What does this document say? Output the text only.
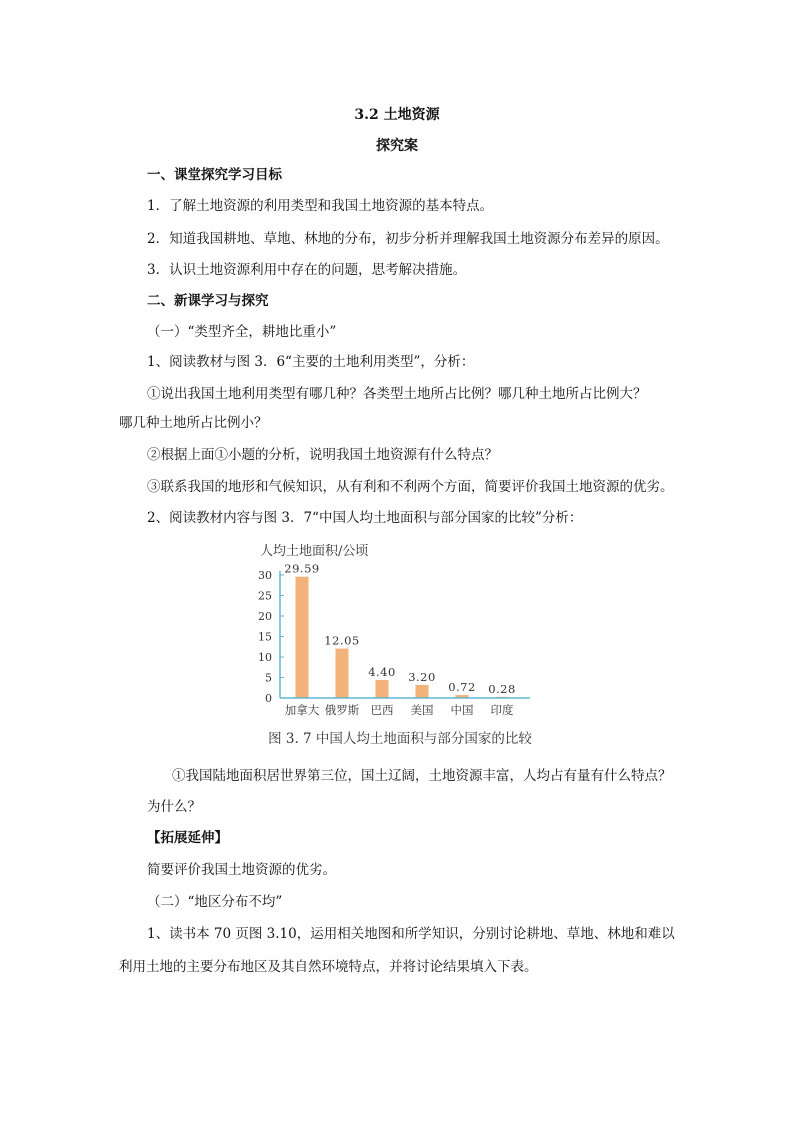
3.2 土地资源
探究案
一、课堂探究学习目标
1．了解土地资源的利用类型和我国土地资源的基本特点。
2．知道我国耕地、草地、林地的分布，初步分析并理解我国土地资源分布差异的原因。
3．认识土地资源利用中存在的问题，思考解决措施。
二、新课学习与探究
（一）“类型齐全，耕地比重小”
1、阅读教材与图 3．6“主要的土地利用类型”，分析：
①说出我国土地利用类型有哪几种？各类型土地所占比例？哪几种土地所占比例大？
哪几种土地所占比例小？
②根据上面①小题的分析，说明我国土地资源有什么特点？
③联系我国的地形和气候知识，从有利和不利两个方面，简要评价我国土地资源的优劣。
2、阅读教材内容与图 3．7“中国人均土地面积与部分国家的比较”分析：
人均土地面积/公顷
0
5
10
15
20
25
30 29.59
12.05
4.40 3.20
0.72 0.28
加拿大 俄罗斯 巴西 美国 中国 印度
图 3. 7 中国人均土地面积与部分国家的比较
①我国陆地面积居世界第三位，国土辽阔，土地资源丰富，人均占有量有什么特点？
为什么？
【拓展延伸】
简要评价我国土地资源的优劣。
（二）“地区分布不均”
1、读书本 70 页图 3.10，运用相关地图和所学知识，分别讨论耕地、草地、林地和难以
利用土地的主要分布地区及其自然环境特点，并将讨论结果填入下表。
